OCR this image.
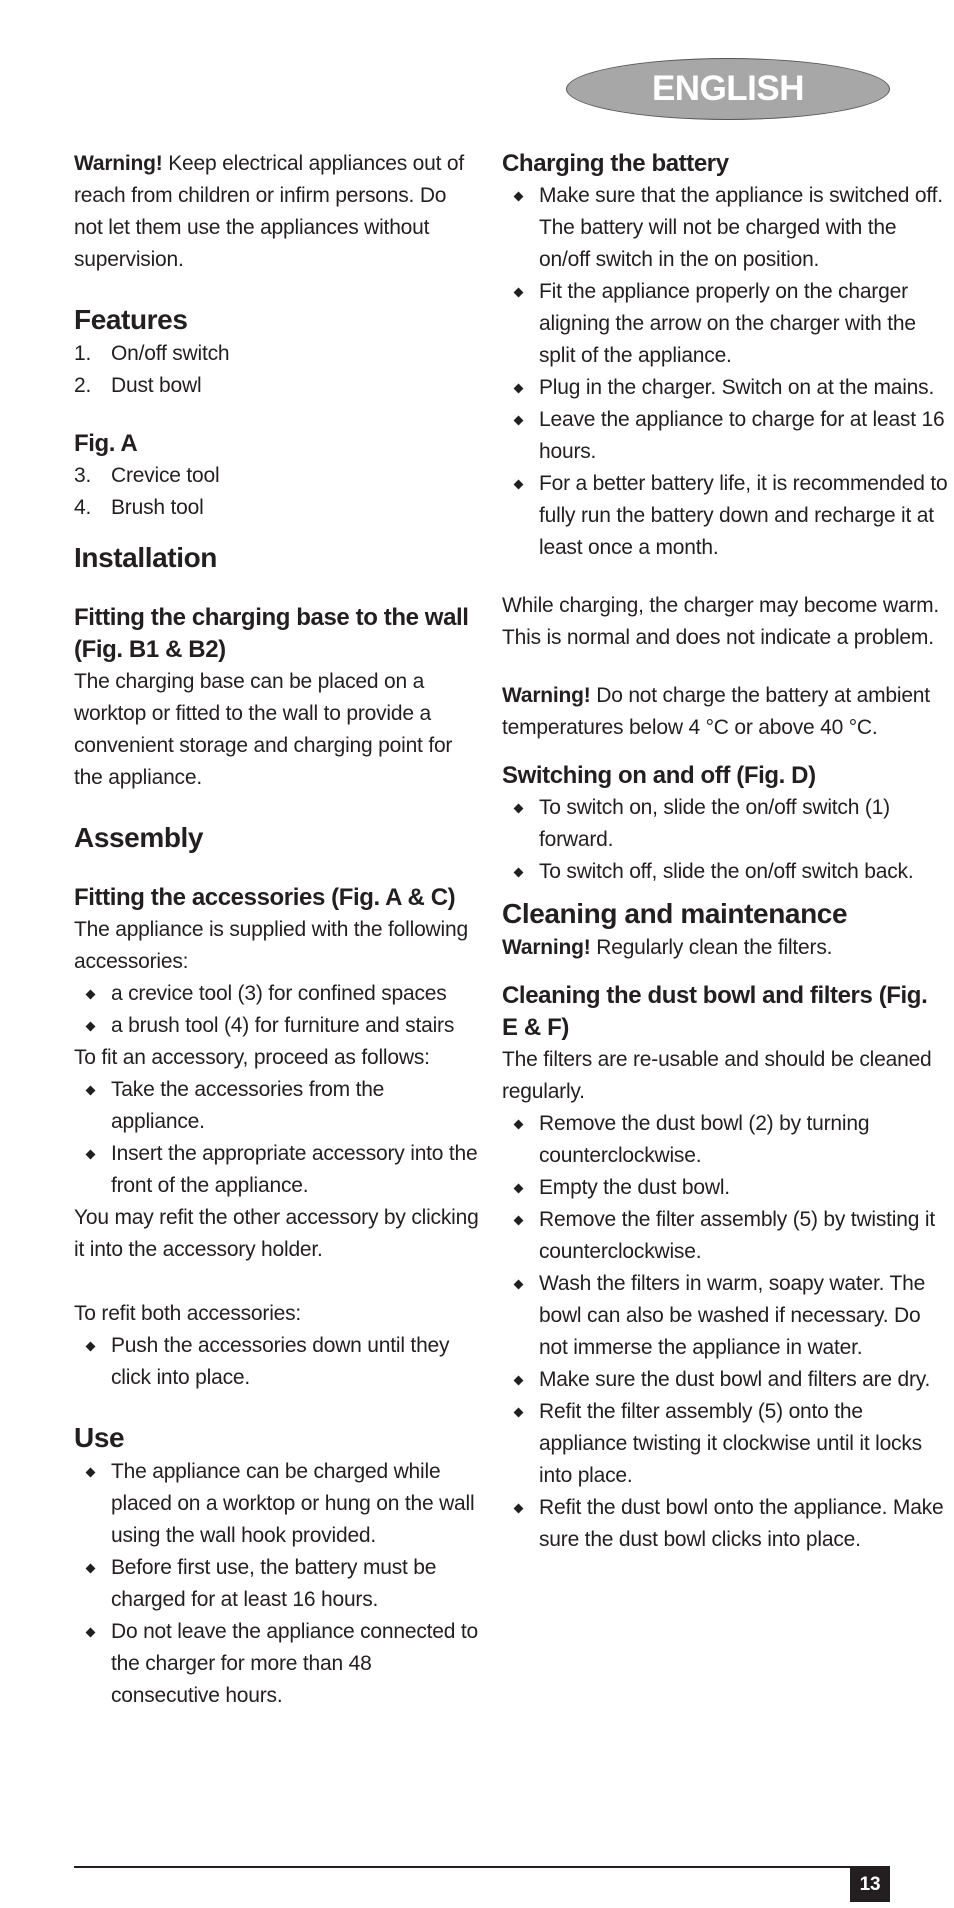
ENGLISH

Warning! Keep electrical appliances out of reach from children or infirm persons. Do not let them use the appliances without supervision.

Features
1. On/off switch
2. Dust bowl
Fig. A
3. Crevice tool
4. Brush tool
Installation
Fitting the charging base to the wall (Fig. B1 & B2)

The charging base can be placed on a worktop or fitted to the wall to provide a convenient storage and charging point for the appliance.

Assembly
Fitting the accessories (Fig. A & C)

The appliance is supplied with the following accessories:

a crevice tool (3) for confined spaces
a brush tool (4) for furniture and stairs

To fit an accessory, proceed as follows:

Take the accessories from the appliance.
Insert the appropriate accessory into the front of the appliance.

You may refit the other accessory by clicking it into the accessory holder.

To refit both accessories:

Push the accessories down until they click into place.
Use
The appliance can be charged while placed on a worktop or hung on the wall using the wall hook provided.
Before first use, the battery must be charged for at least 16 hours.
Do not leave the appliance connected to the charger for more than 48 consecutive hours.
Charging the battery
Make sure that the appliance is switched off. The battery will not be charged with the on/off switch in the on position.
Fit the appliance properly on the charger aligning the arrow on the charger with the split of the appliance.
Plug in the charger. Switch on at the mains.
Leave the appliance to charge for at least 16 hours.
For a better battery life, it is recommended to fully run the battery down and recharge it at least once a month.

While charging, the charger may become warm. This is normal and does not indicate a problem.

Warning! Do not charge the battery at ambient temperatures below 4 °C or above 40 °C.

Switching on and off (Fig. D)
To switch on, slide the on/off switch (1) forward.
To switch off, slide the on/off switch back.
Cleaning and maintenance

Warning! Regularly clean the filters.

Cleaning the dust bowl and filters (Fig. E & F)

The filters are re-usable and should be cleaned regularly.

Remove the dust bowl (2) by turning counterclockwise.
Empty the dust bowl.
Remove the filter assembly (5) by twisting it counterclockwise.
Wash the filters in warm, soapy water. The bowl can also be washed if necessary. Do not immerse the appliance in water.
Make sure the dust bowl and filters are dry.
Refit the filter assembly (5) onto the appliance twisting it clockwise until it locks into place.
Refit the dust bowl onto the appliance. Make sure the dust bowl clicks into place.
13
